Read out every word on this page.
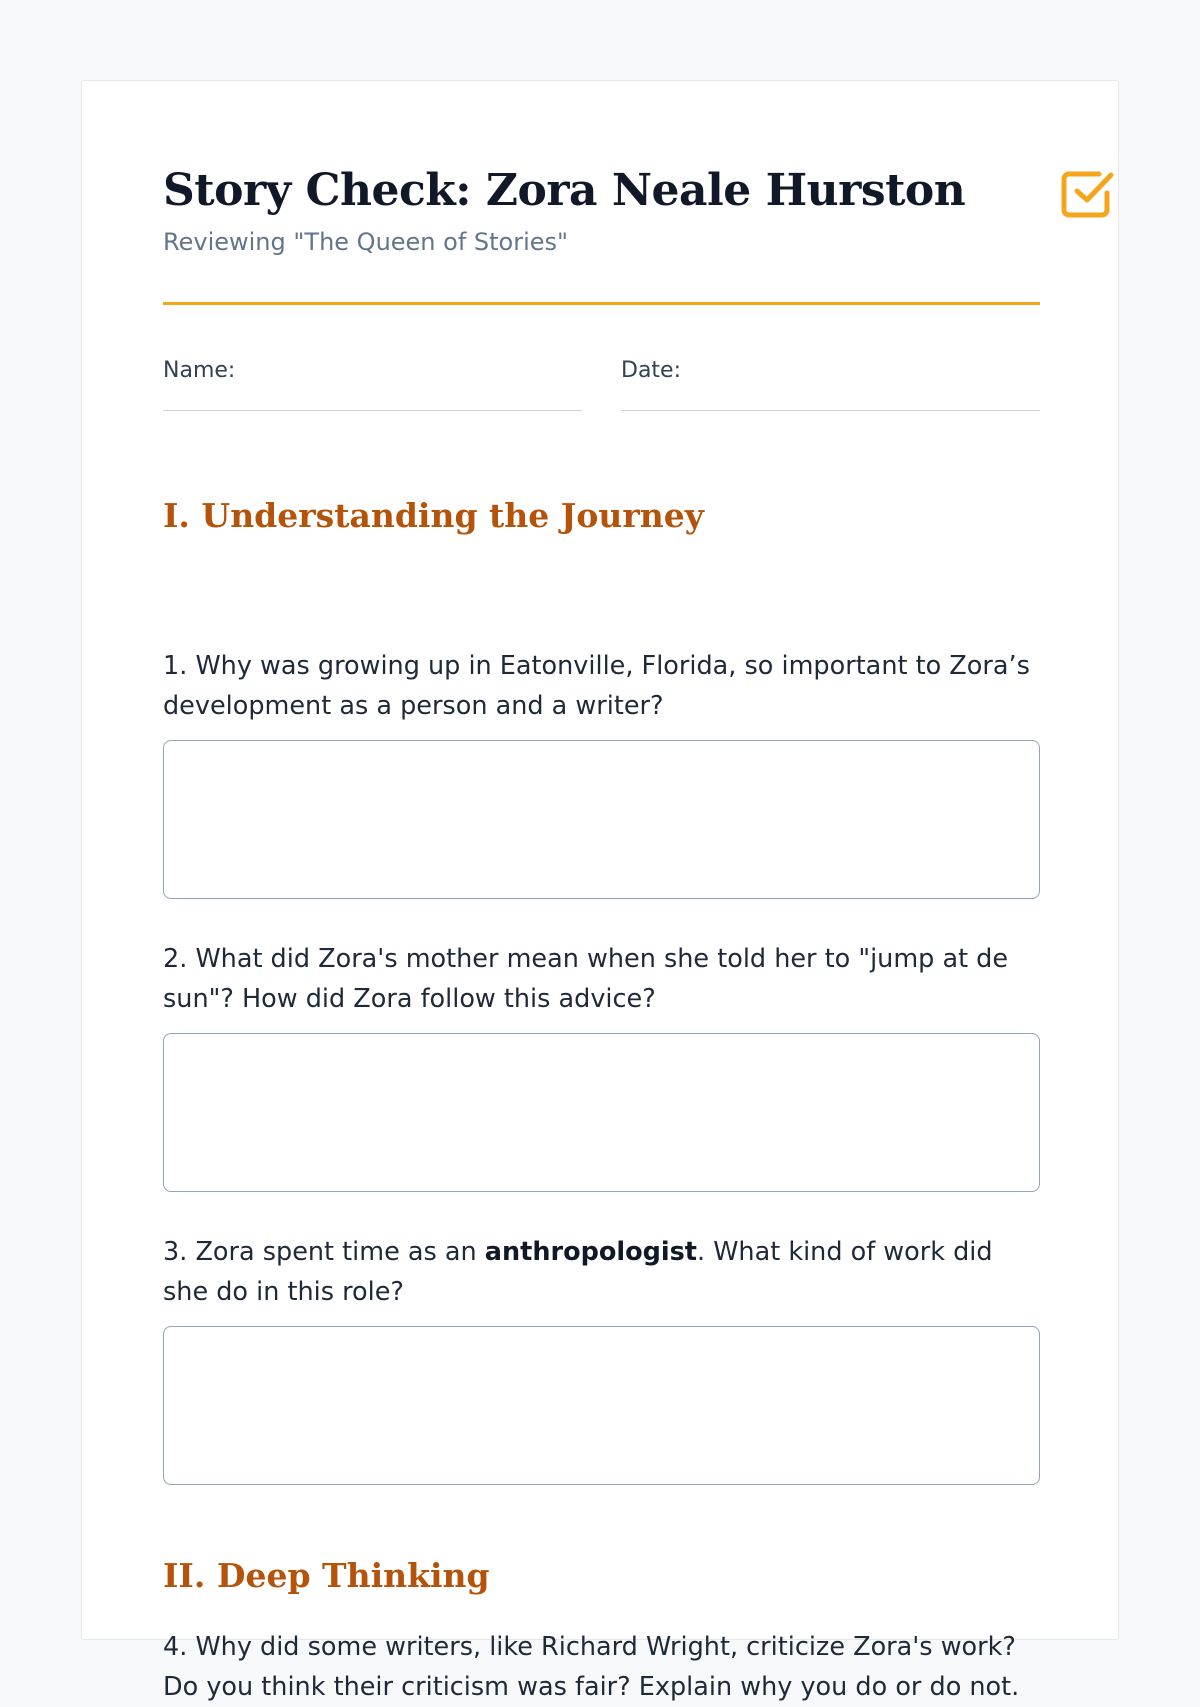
Story Check: Zora Neale Hurston
Reviewing "The Queen of Stories"
Name:	Date:
I. Understanding the Journey

1. Why was growing up in Eatonville, Florida, so important to Zora’s development as a person and a writer?

2. What did Zora's mother mean when she told her to "jump at de sun"? How did Zora follow this advice?

3. Zora spent time as an anthropologist. What kind of work did she do in this role?

II. Deep Thinking

4. Why did some writers, like Richard Wright, criticize Zora's work? Do you think their criticism was fair? Explain why you do or do not.
